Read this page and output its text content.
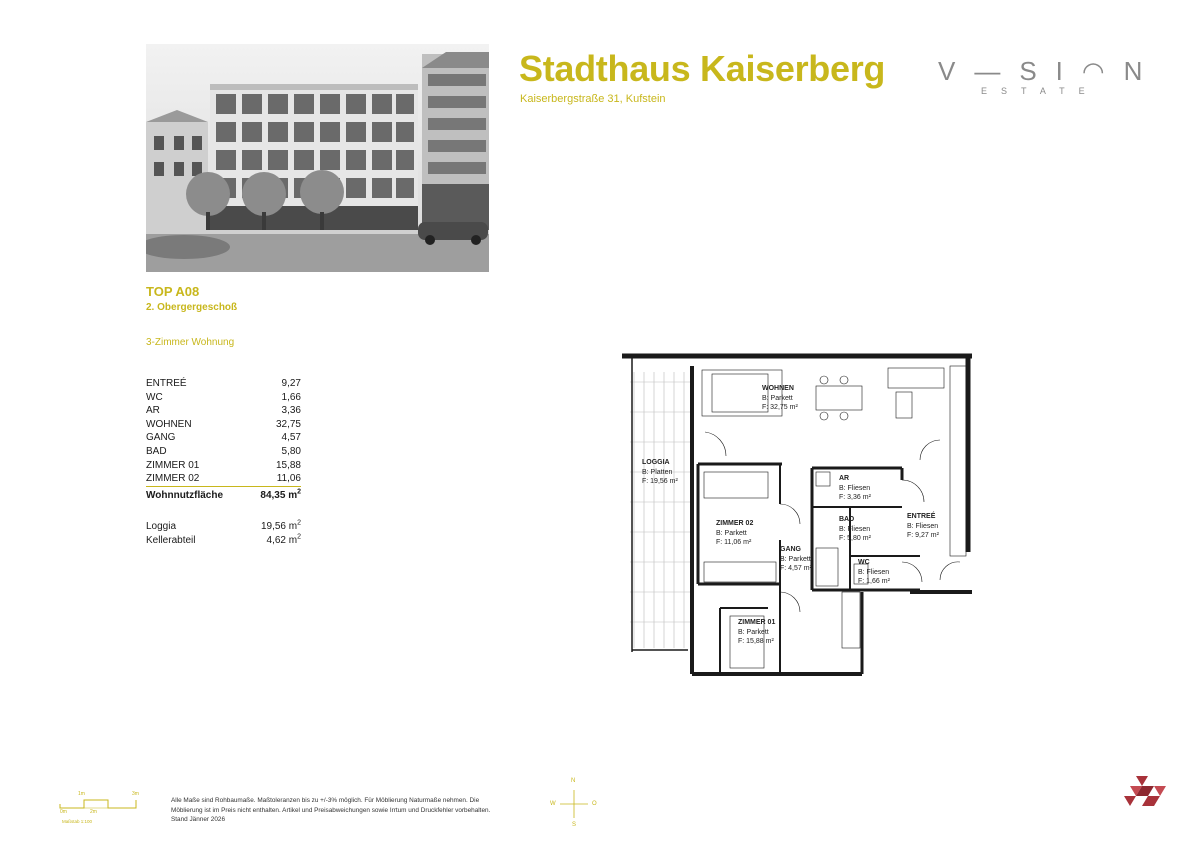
Stadthaus Kaiserberg
Kaiserbergstraße 31, Kufstein
V—SI◠N
ESTATE
TOP A08
2. Obergergeschoß
3-Zimmer Wohnung
ENTREÉ	9,27
WC	1,66
AR	3,36
WOHNEN	32,75
GANG	4,57
BAD	5,80
ZIMMER 01	15,88
ZIMMER 02	11,06
Wohnnutzfläche	84,35 $m^2$
Loggia	19,56 $m^2$
Kellerabteil	4,62 $m^2$
WOHNEN
B: Parkett
F: 32,75 m²
LOGGIA
B: Platten
F: 19,56 m²	AR
B: Fliesen
F: 3,36 m²
BAD
B: Fliesen
F: 5,80 m²
ENTREÉ
B: Fliesen
F: 9,27 m²
ZIMMER 02
B: Parkett
F: 11,06 m²
GANG
B: Parkett
F: 4,57 m²
WC
B: Fliesen
F: 1,66 m²
ZIMMER 01
B: Parkett
F: 15,88 m²
0m
1m
2m
3m
Maßstab 1:100
Alle Maße sind Rohbaumaße. Maßtoleranzen bis zu +/-3% möglich. Für Möblierung Naturmaße nehmen. Die
Möblierung ist im Preis nicht enthalten. Artikel und Preisabweichungen sowie Irrtum und Druckfehler vorbehalten.
Stand Jänner 2026
N
S
W	O
